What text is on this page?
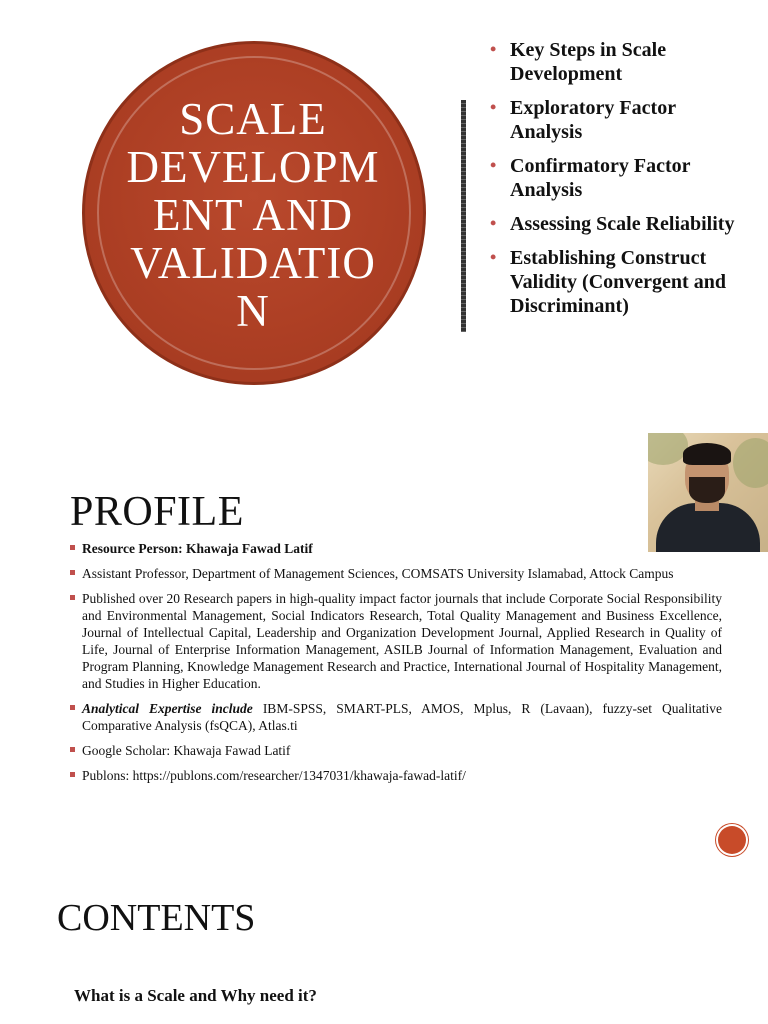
SCALE
DEVELOPM
ENT AND
VALIDATIO
N
• Key Steps in Scale Development
• Exploratory Factor Analysis
• Confirmatory Factor Analysis
• Assessing Scale Reliability
• Establishing Construct Validity (Convergent and Discriminant)
PROFILE
Resource Person: Khawaja Fawad Latif
Assistant Professor, Department of Management Sciences, COMSATS University Islamabad, Attock Campus
Published over 20 Research papers in high-quality impact factor journals that include Corporate Social Responsibility and Environmental Management, Social Indicators Research, Total Quality Management and Business Excellence, Journal of Intellectual Capital, Leadership and Organization Development Journal, Applied Research in Quality of Life, Journal of Enterprise Information Management, ASILB Journal of Information Management, Evaluation and Program Planning, Knowledge Management Research and Practice, International Journal of Hospitality Management, and Studies in Higher Education.
Analytical Expertise include IBM-SPSS, SMART-PLS, AMOS, Mplus, R (Lavaan), fuzzy-set Qualitative Comparative Analysis (fsQCA), Atlas.ti
Google Scholar: Khawaja Fawad Latif
Publons: https://publons.com/researcher/1347031/khawaja-fawad-latif/
CONTENTS
What is a Scale and Why need it?
